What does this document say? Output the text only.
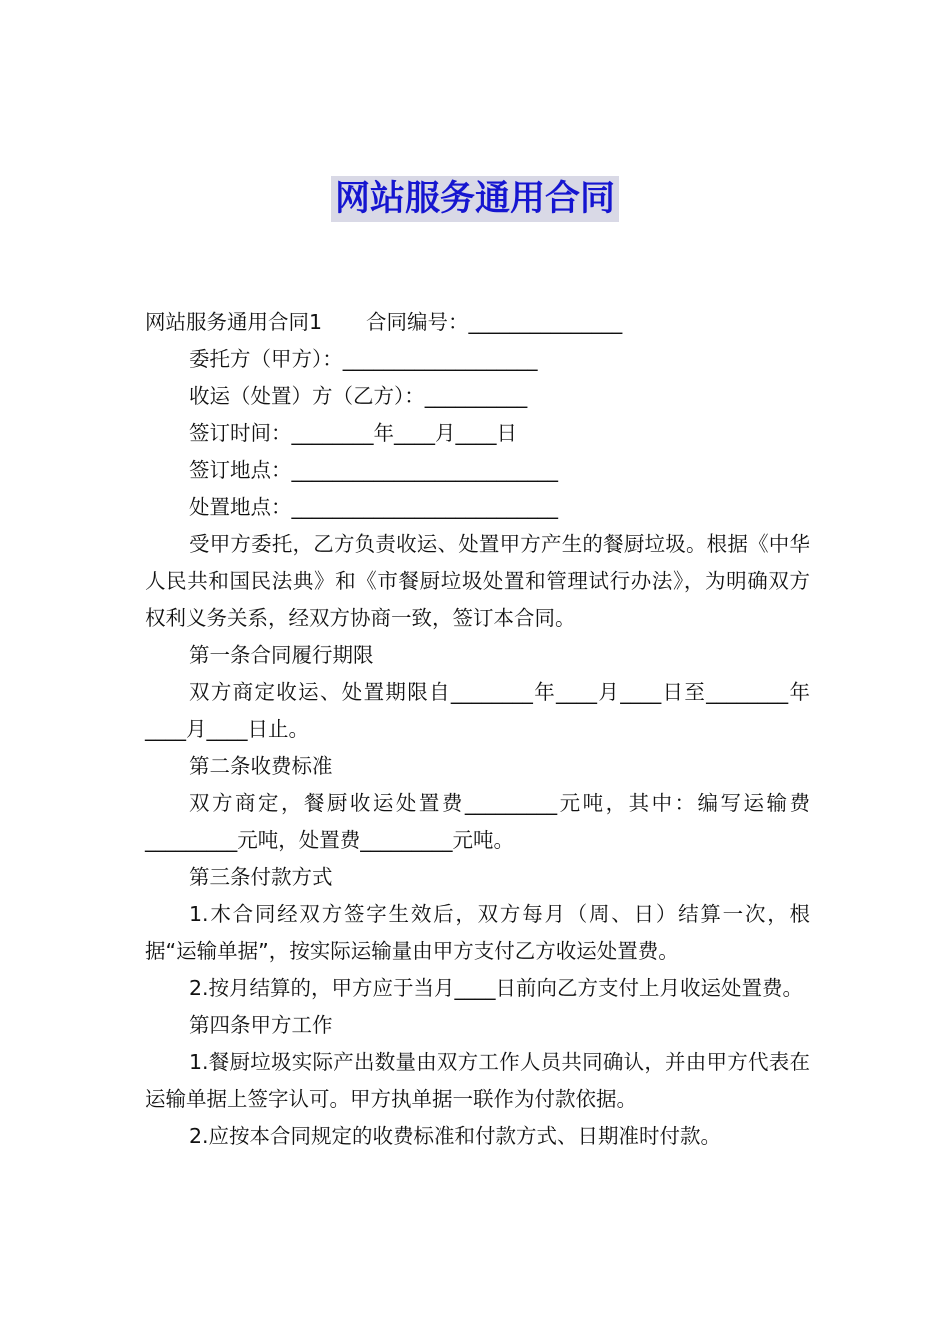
网站服务通用合同
网站服务通用合同1 合同编号：_______________
委托方（甲方）：___________________
收运（处置）方（乙方）：__________
签订时间：________年____月____日
签订地点：__________________________
处置地点：__________________________
受甲方委托，乙方负责收运、处置甲方产生的餐厨垃圾。根据《中华人民共和国民法典》和《市餐厨垃圾处置和管理试行办法》，为明确双方权利义务关系，经双方协商一致，签订本合同。
第一条合同履行期限
双方商定收运、处置期限自________年____月____日至________年____月____日止。
第二条收费标准
双方商定，餐厨收运处置费_________元吨，其中：编写运输费_________元吨，处置费_________元吨。
第三条付款方式
1.木合同经双方签字生效后，双方每月（周、日）结算一次，根据“运输单据”，按实际运输量由甲方支付乙方收运处置费。
2.按月结算的，甲方应于当月____日前向乙方支付上月收运处置费。
第四条甲方工作
1.餐厨垃圾实际产出数量由双方工作人员共同确认，并由甲方代表在运输单据上签字认可。甲方执单据一联作为付款依据。
2.应按本合同规定的收费标准和付款方式、日期准时付款。
